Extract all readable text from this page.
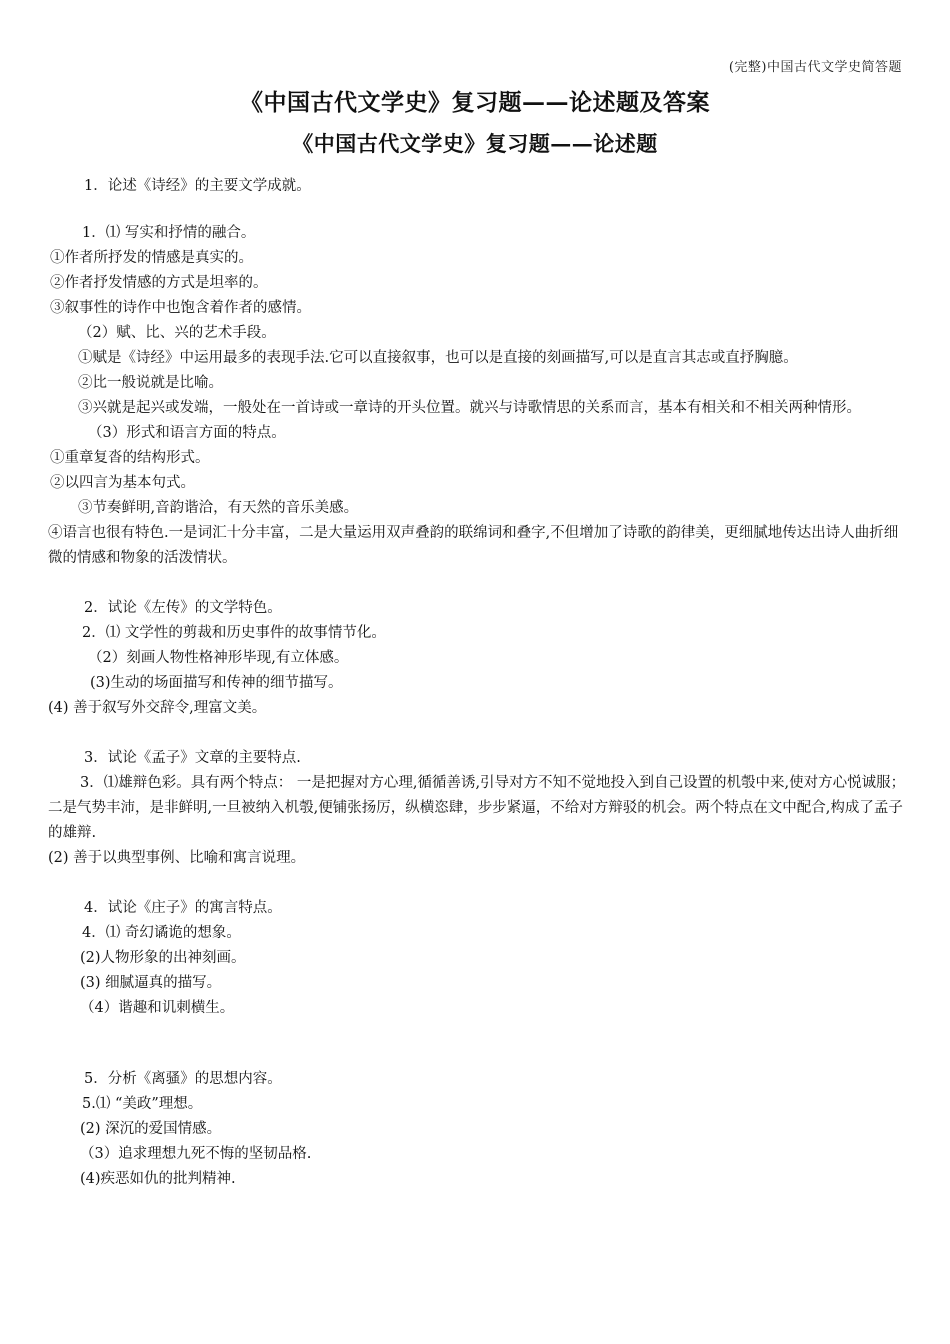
(完整)中国古代文学史简答题
《中国古代文学史》复习题——论述题及答案
《中国古代文学史》复习题——论述题
1．论述《诗经》的主要文学成就。
1．⑴ 写实和抒情的融合。
①作者所抒发的情感是真实的。
②作者抒发情感的方式是坦率的。
③叙事性的诗作中也饱含着作者的感情。
（2）赋、比、兴的艺术手段。
①赋是《诗经》中运用最多的表现手法.它可以直接叙事，也可以是直接的刻画描写,可以是直言其志或直抒胸臆。
②比一般说就是比喻。
③兴就是起兴或发端，一般处在一首诗或一章诗的开头位置。就兴与诗歌情思的关系而言，基本有相关和不相关两种情形。
（3）形式和语言方面的特点。
①重章复沓的结构形式。
②以四言为基本句式。
③节奏鲜明,音韵谐洽，有天然的音乐美感。
④语言也很有特色.一是词汇十分丰富，二是大量运用双声叠韵的联绵词和叠字,不但增加了诗歌的韵律美，更细腻地传达出诗人曲折细微的情感和物象的活泼情状。
2．试论《左传》的文学特色。
2．⑴ 文学性的剪裁和历史事件的故事情节化。
（2）刻画人物性格神形毕现,有立体感。
(3)生动的场面描写和传神的细节描写。
(4) 善于叙写外交辞令,理富文美。
3．试论《孟子》文章的主要特点.
3．⑴雄辩色彩。具有两个特点： 一是把握对方心理,循循善诱,引导对方不知不觉地投入到自己设置的机彀中来,使对方心悦诚服；二是气势丰沛，是非鲜明,一旦被纳入机彀,便铺张扬厉，纵横恣肆，步步紧逼，不给对方辩驳的机会。两个特点在文中配合,构成了孟子的雄辩.
(2) 善于以典型事例、比喻和寓言说理。
4．试论《庄子》的寓言特点。
4．⑴ 奇幻谲诡的想象。
(2)人物形象的出神刻画。
(3) 细腻逼真的描写。
（4）谐趣和讥刺横生。
5．分析《离骚》的思想内容。
5.⑴ “美政”理想。
(2) 深沉的爱国情感。
（3）追求理想九死不悔的坚韧品格.
(4)疾恶如仇的批判精神.
